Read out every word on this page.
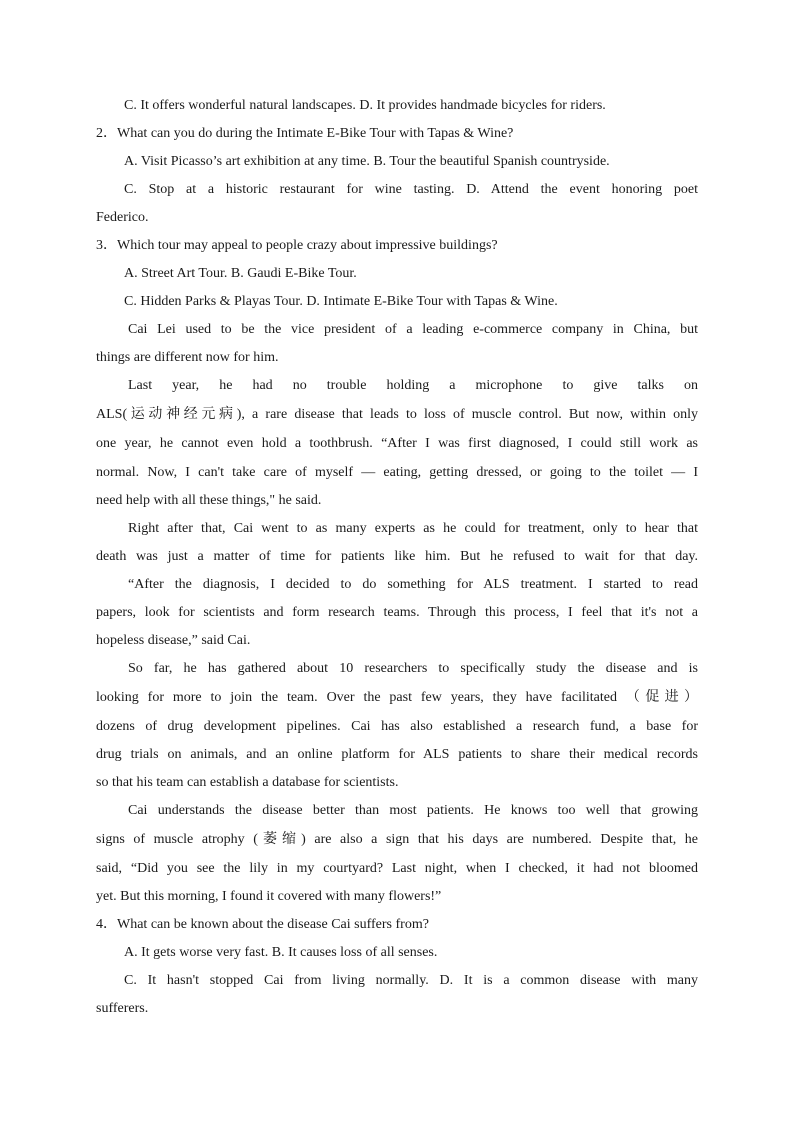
C. It offers wonderful natural landscapes. D. It provides handmade bicycles for riders.
2．What can you do during the Intimate E-Bike Tour with Tapas & Wine?
A. Visit Picasso’s art exhibition at any time. B. Tour the beautiful Spanish countryside.
C. Stop at a historic restaurant for wine tasting. D. Attend the event honoring poet
Federico.
3．Which tour may appeal to people crazy about impressive buildings?
A. Street Art Tour. B. Gaudi E-Bike Tour.
C. Hidden Parks & Playas Tour. D. Intimate E-Bike Tour with Tapas & Wine.
Cai Lei used to be the vice president of a leading e-commerce company in China, but
things are different now for him.
Last year, he had no trouble holding a microphone to give talks on
ALS(运动神经元病), a rare disease that leads to loss of muscle control. But now, within only
one year, he cannot even hold a toothbrush. “After I was first diagnosed, I could still work as
normal. Now, I can't take care of myself — eating, getting dressed, or going to the toilet — I
need help with all these things," he said.
Right after that, Cai went to as many experts as he could for treatment, only to hear that
death was just a matter of time for patients like him. But he refused to wait for that day.
“After the diagnosis, I decided to do something for ALS treatment. I started to read
papers, look for scientists and form research teams. Through this process, I feel that it's not a
hopeless disease,” said Cai.
So far, he has gathered about 10 researchers to specifically study the disease and is
looking for more to join the team. Over the past few years, they have facilitated （促进）
dozens of drug development pipelines. Cai has also established a research fund, a base for
drug trials on animals, and an online platform for ALS patients to share their medical records
so that his team can establish a database for scientists.
Cai understands the disease better than most patients. He knows too well that growing
signs of muscle atrophy (萎缩) are also a sign that his days are numbered. Despite that, he
said, “Did you see the lily in my courtyard? Last night, when I checked, it had not bloomed
yet. But this morning, I found it covered with many flowers!”
4．What can be known about the disease Cai suffers from?
A. It gets worse very fast. B. It causes loss of all senses.
C. It hasn't stopped Cai from living normally. D. It is a common disease with many
sufferers.
